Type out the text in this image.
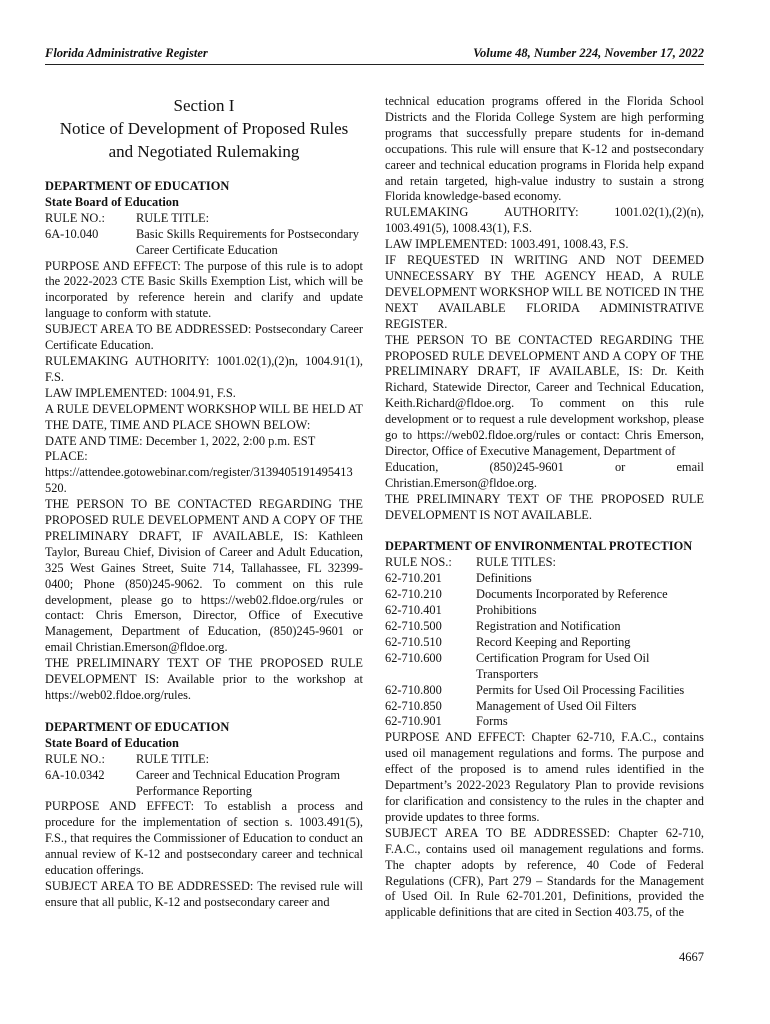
Florida Administrative Register	Volume 48, Number 224, November 17, 2022
Section I
Notice of Development of Proposed Rules
and Negotiated Rulemaking
DEPARTMENT OF EDUCATION
State Board of Education
RULE NO.:	RULE TITLE:
6A-10.040	Basic Skills Requirements for Postsecondary Career Certificate Education
PURPOSE AND EFFECT: The purpose of this rule is to adopt the 2022-2023 CTE Basic Skills Exemption List, which will be incorporated by reference herein and clarify and update language to conform with statute.
SUBJECT AREA TO BE ADDRESSED: Postsecondary Career Certificate Education.
RULEMAKING AUTHORITY: 1001.02(1),(2)n, 1004.91(1), F.S.
LAW IMPLEMENTED: 1004.91, F.S.
A RULE DEVELOPMENT WORKSHOP WILL BE HELD AT THE DATE, TIME AND PLACE SHOWN BELOW:
DATE AND TIME: December 1, 2022, 2:00 p.m. EST
PLACE:
https://attendee.gotowebinar.com/register/3139405191495413
520.
THE PERSON TO BE CONTACTED REGARDING THE PROPOSED RULE DEVELOPMENT AND A COPY OF THE PRELIMINARY DRAFT, IF AVAILABLE, IS: Kathleen Taylor, Bureau Chief, Division of Career and Adult Education, 325 West Gaines Street, Suite 714, Tallahassee, FL 32399-0400; Phone (850)245-9062. To comment on this rule development, please go to https://web02.fldoe.org/rules or contact: Chris Emerson, Director, Office of Executive Management, Department of Education, (850)245-9601 or email Christian.Emerson@fldoe.org.
THE PRELIMINARY TEXT OF THE PROPOSED RULE DEVELOPMENT IS: Available prior to the workshop at https://web02.fldoe.org/rules.
DEPARTMENT OF EDUCATION
State Board of Education
RULE NO.:	RULE TITLE:
6A-10.0342	Career and Technical Education Program Performance Reporting
PURPOSE AND EFFECT: To establish a process and procedure for the implementation of section s. 1003.491(5), F.S., that requires the Commissioner of Education to conduct an annual review of K-12 and postsecondary career and technical education offerings.
SUBJECT AREA TO BE ADDRESSED: The revised rule will ensure that all public, K-12 and postsecondary career and
technical education programs offered in the Florida School Districts and the Florida College System are high performing programs that successfully prepare students for in-demand occupations. This rule will ensure that K-12 and postsecondary career and technical education programs in Florida help expand and retain targeted, high-value industry to sustain a strong Florida knowledge-based economy.
RULEMAKING	AUTHORITY:	1001.02(1),(2)(n),
1003.491(5), 1008.43(1), F.S.
LAW IMPLEMENTED: 1003.491, 1008.43, F.S.
IF REQUESTED IN WRITING AND NOT DEEMED UNNECESSARY BY THE AGENCY HEAD, A RULE DEVELOPMENT WORKSHOP WILL BE NOTICED IN THE NEXT AVAILABLE FLORIDA ADMINISTRATIVE REGISTER.
THE PERSON TO BE CONTACTED REGARDING THE PROPOSED RULE DEVELOPMENT AND A COPY OF THE PRELIMINARY DRAFT, IF AVAILABLE, IS: Dr. Keith Richard, Statewide Director, Career and Technical Education, Keith.Richard@fldoe.org. To comment on this rule development or to request a rule development workshop, please go to https://web02.fldoe.org/rules or contact: Chris Emerson, Director, Office of Executive Management, Department of
Education,	(850)245-9601	or	email
Christian.Emerson@fldoe.org.
THE PRELIMINARY TEXT OF THE PROPOSED RULE DEVELOPMENT IS NOT AVAILABLE.
DEPARTMENT OF ENVIRONMENTAL PROTECTION
RULE NOS.:	RULE TITLES:
62-710.201	Definitions
62-710.210	Documents Incorporated by Reference
62-710.401	Prohibitions
62-710.500	Registration and Notification
62-710.510	Record Keeping and Reporting
62-710.600	Certification Program for Used Oil Transporters
62-710.800	Permits for Used Oil Processing Facilities
62-710.850	Management of Used Oil Filters
62-710.901	Forms
PURPOSE AND EFFECT: Chapter 62-710, F.A.C., contains used oil management regulations and forms. The purpose and effect of the proposed is to amend rules identified in the Department’s 2022-2023 Regulatory Plan to provide revisions for clarification and consistency to the rules in the chapter and provide updates to three forms.
SUBJECT AREA TO BE ADDRESSED: Chapter 62-710, F.A.C., contains used oil management regulations and forms. The chapter adopts by reference, 40 Code of Federal Regulations (CFR), Part 279 – Standards for the Management of Used Oil. In Rule 62-701.201, Definitions, provided the applicable definitions that are cited in Section 403.75, of the
4667
